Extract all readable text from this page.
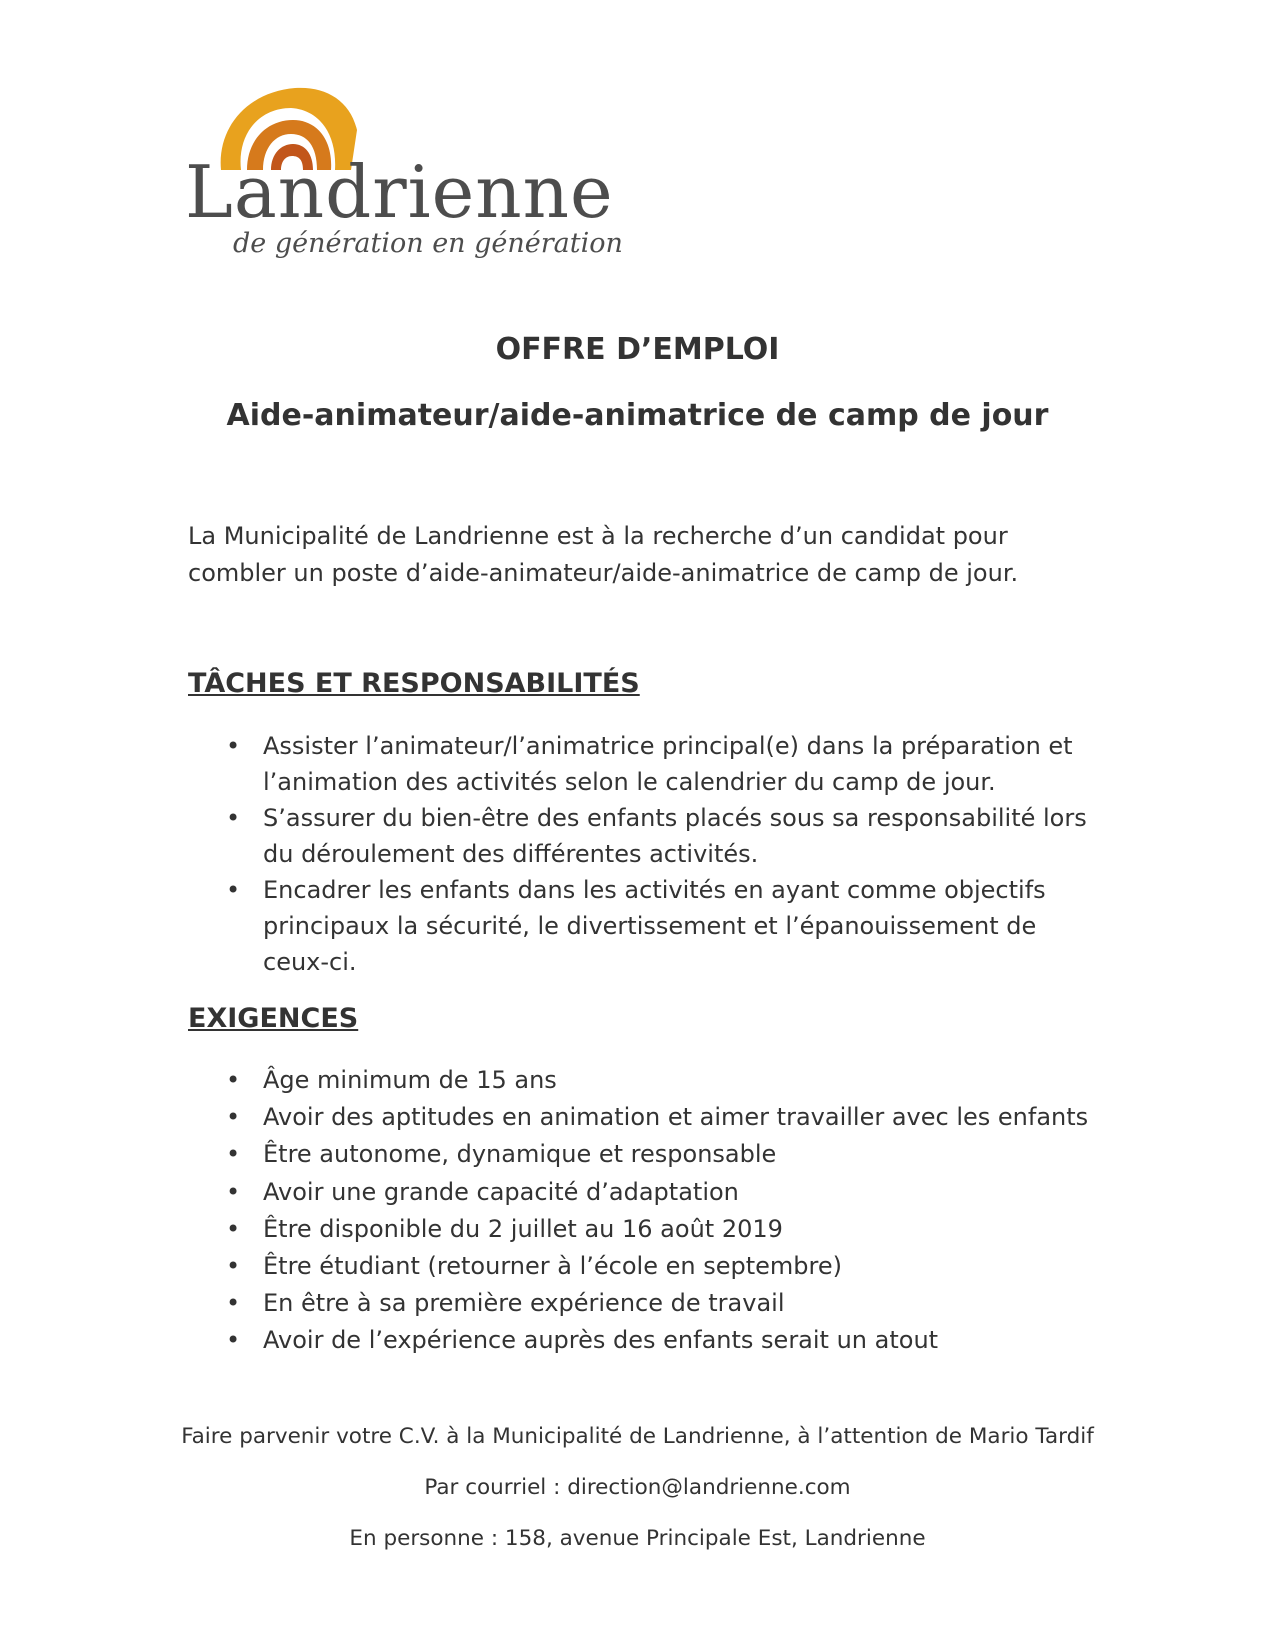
Landrienne
de génération en génération
OFFRE D’EMPLOI
Aide-animateur/aide-animatrice de camp de jour
La Municipalité de Landrienne est à la recherche d’un candidat pour
combler un poste d’aide-animateur/aide-animatrice de camp de jour.
TÂCHES ET RESPONSABILITÉS
• Assister l’animateur/l’animatrice principal(e) dans la préparation et
l’animation des activités selon le calendrier du camp de jour.
• S’assurer du bien-être des enfants placés sous sa responsabilité lors
du déroulement des différentes activités.
• Encadrer les enfants dans les activités en ayant comme objectifs
principaux la sécurité, le divertissement et l’épanouissement de
ceux-ci.
EXIGENCES
• Âge minimum de 15 ans
• Avoir des aptitudes en animation et aimer travailler avec les enfants
• Être autonome, dynamique et responsable
• Avoir une grande capacité d’adaptation
• Être disponible du 2 juillet au 16 août 2019
• Être étudiant (retourner à l’école en septembre)
• En être à sa première expérience de travail
• Avoir de l’expérience auprès des enfants serait un atout
Faire parvenir votre C.V. à la Municipalité de Landrienne, à l’attention de Mario Tardif
Par courriel : direction@landrienne.com
En personne : 158, avenue Principale Est, Landrienne
